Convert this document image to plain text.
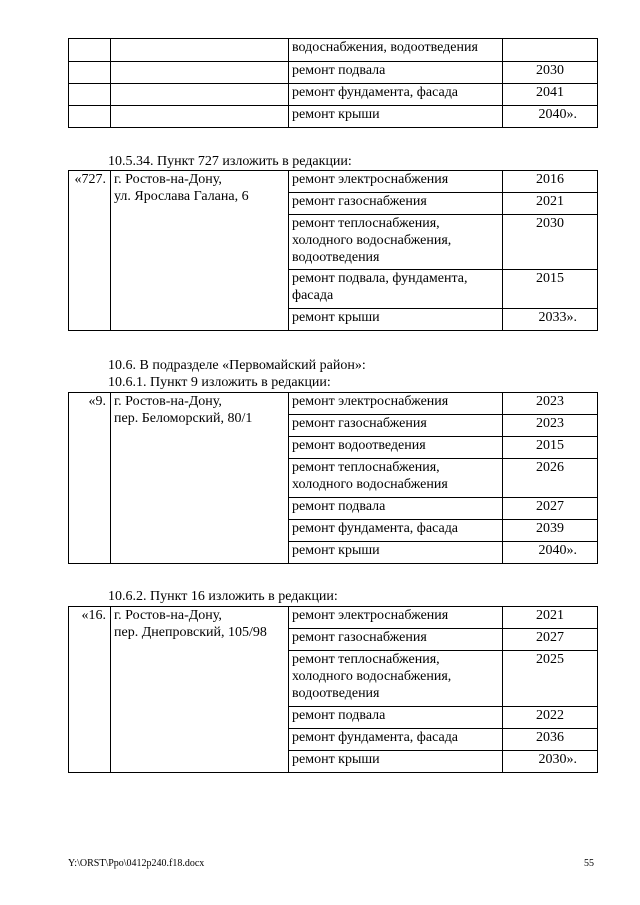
		водоснабжения, водоотведения	
		ремонт подвала	2030
		ремонт фундамента, фасада	2041
		ремонт крыши	2040».

10.5.34. Пункт 727 изложить в редакции:

«727.	г. Ростов-на-Дону,
ул. Ярослава Галана, 6	ремонт электроснабжения	2016
		ремонт газоснабжения	2021
		ремонт теплоснабжения, холодного водоснабжения, водоотведения	2030
		ремонт подвала, фундамента, фасада	2015
		ремонт крыши	2033».

10.6. В подразделе «Первомайский район»:

10.6.1. Пункт 9 изложить в редакции:

«9.	г. Ростов-на-Дону,
пер. Беломорский, 80/1	ремонт электроснабжения	2023
		ремонт газоснабжения	2023
		ремонт водоотведения	2015
		ремонт теплоснабжения, холодного водоснабжения	2026
		ремонт подвала	2027
		ремонт фундамента, фасада	2039
		ремонт крыши	2040».

10.6.2. Пункт 16 изложить в редакции:

«16.	г. Ростов-на-Дону,
пер. Днепровский, 105/98	ремонт электроснабжения	2021
		ремонт газоснабжения	2027
		ремонт теплоснабжения, холодного водоснабжения, водоотведения	2025
		ремонт подвала	2022
		ремонт фундамента, фасада	2036
		ремонт крыши	2030».
Y:\ORST\Ppo\0412p240.f18.docx	55
